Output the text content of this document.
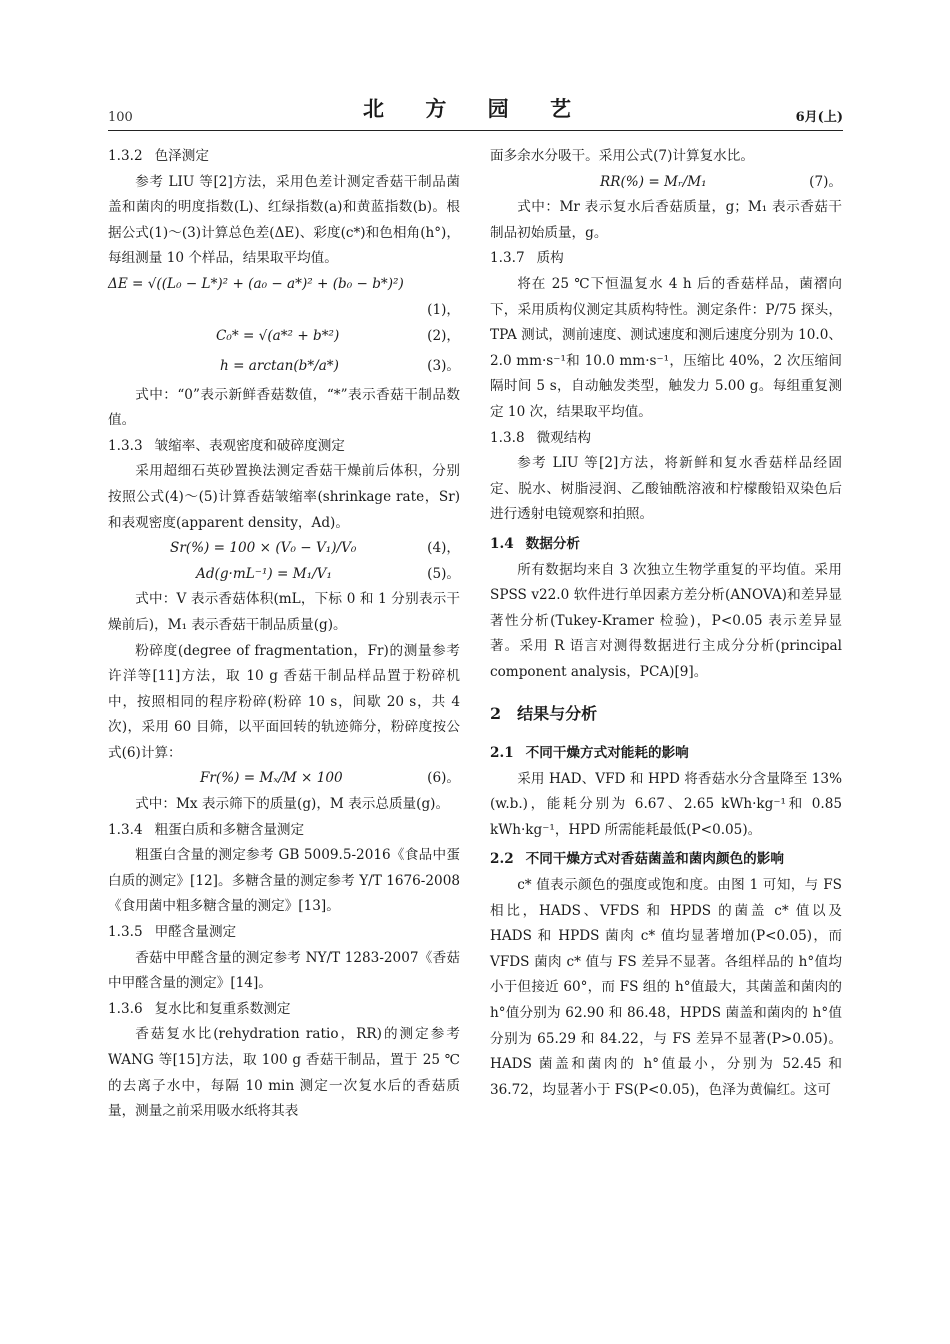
100	北 方 园 艺	6月(上)
1.3.2 色泽测定

参考 LIU 等[2]方法，采用色差计测定香菇干制品菌盖和菌肉的明度指数(L)、红绿指数(a)和黄蓝指数(b)。根据公式(1)～(3)计算总色差(ΔE)、彩度(c*)和色相角(h°)，每组测量 10 个样品，结果取平均值。

ΔE = √((L₀ − L*)² + (a₀ − a*)² + (b₀ − b*)²)
(1)，
C₀* = √(a*² + b*²)	(2)，
h = arctan(b*/a*)	(3)。

式中：“0”表示新鲜香菇数值，“*”表示香菇干制品数值。

1.3.3 皱缩率、表观密度和破碎度测定

采用超细石英砂置换法测定香菇干燥前后体积，分别按照公式(4)～(5)计算香菇皱缩率(shrinkage rate，Sr)和表观密度(apparent density，Ad)。

Sr(%) = 100 × (V₀ − V₁)/V₀	(4)，
Ad(g·mL⁻¹) = M₁/V₁	(5)。

式中：V 表示香菇体积(mL，下标 0 和 1 分别表示干燥前后)，M₁ 表示香菇干制品质量(g)。

粉碎度(degree of fragmentation，Fr)的测量参考许洋等[11]方法，取 10 g 香菇干制品样品置于粉碎机中，按照相同的程序粉碎(粉碎 10 s，间歇 20 s，共 4 次)，采用 60 目筛，以平面回转的轨迹筛分，粉碎度按公式(6)计算：

Fr(%) = Mₓ/M × 100	(6)。

式中：Mx 表示筛下的质量(g)，M 表示总质量(g)。

1.3.4 粗蛋白质和多糖含量测定

粗蛋白含量的测定参考 GB 5009.5-2016《食品中蛋白质的测定》[12]。多糖含量的测定参考 Y/T 1676-2008《食用菌中粗多糖含量的测定》[13]。

1.3.5 甲醛含量测定

香菇中甲醛含量的测定参考 NY/T 1283-2007《香菇中甲醛含量的测定》[14]。

1.3.6 复水比和复重系数测定

香菇复水比(rehydration ratio，RR)的测定参考 WANG 等[15]方法，取 100 g 香菇干制品，置于 25 ℃的去离子水中，每隔 10 min 测定一次复水后的香菇质量，测量之前采用吸水纸将其表

面多余水分吸干。采用公式(7)计算复水比。

RR(%) = Mᵣ/M₁	(7)。

式中：Mr 表示复水后香菇质量，g；M₁ 表示香菇干制品初始质量，g。

1.3.7 质构

将在 25 ℃下恒温复水 4 h 后的香菇样品，菌褶向下，采用质构仪测定其质构特性。测定条件：P/75 探头，TPA 测试，测前速度、测试速度和测后速度分别为 10.0、2.0 mm·s⁻¹和 10.0 mm·s⁻¹，压缩比 40%，2 次压缩间隔时间 5 s，自动触发类型，触发力 5.00 g。每组重复测定 10 次，结果取平均值。

1.3.8 微观结构

参考 LIU 等[2]方法，将新鲜和复水香菇样品经固定、脱水、树脂浸润、乙酸铀酰溶液和柠檬酸铅双染色后进行透射电镜观察和拍照。

1.4 数据分析

所有数据均来自 3 次独立生物学重复的平均值。采用 SPSS v22.0 软件进行单因素方差分析(ANOVA)和差异显著性分析(Tukey-Kramer 检验)，P<0.05 表示差异显著。采用 R 语言对测得数据进行主成分分析(principal component analysis，PCA)[9]。

2 结果与分析
2.1 不同干燥方式对能耗的影响

采用 HAD、VFD 和 HPD 将香菇水分含量降至 13%(w.b.)，能耗分别为 6.67、2.65 kWh·kg⁻¹和 0.85 kWh·kg⁻¹，HPD 所需能耗最低(P<0.05)。

2.2 不同干燥方式对香菇菌盖和菌肉颜色的影响

c* 值表示颜色的强度或饱和度。由图 1 可知，与 FS 相比，HADS、VFDS 和 HPDS 的菌盖 c* 值以及 HADS 和 HPDS 菌肉 c* 值均显著增加(P<0.05)，而 VFDS 菌肉 c* 值与 FS 差异不显著。各组样品的 h°值均小于但接近 60°，而 FS 组的 h°值最大，其菌盖和菌肉的 h°值分别为 62.90 和 86.48，HPDS 菌盖和菌肉的 h°值分别为 65.29 和 84.22，与 FS 差异不显著(P>0.05)。HADS 菌盖和菌肉的 h°值最小，分别为 52.45 和 36.72，均显著小于 FS(P<0.05)，色泽为黄偏红。这可
